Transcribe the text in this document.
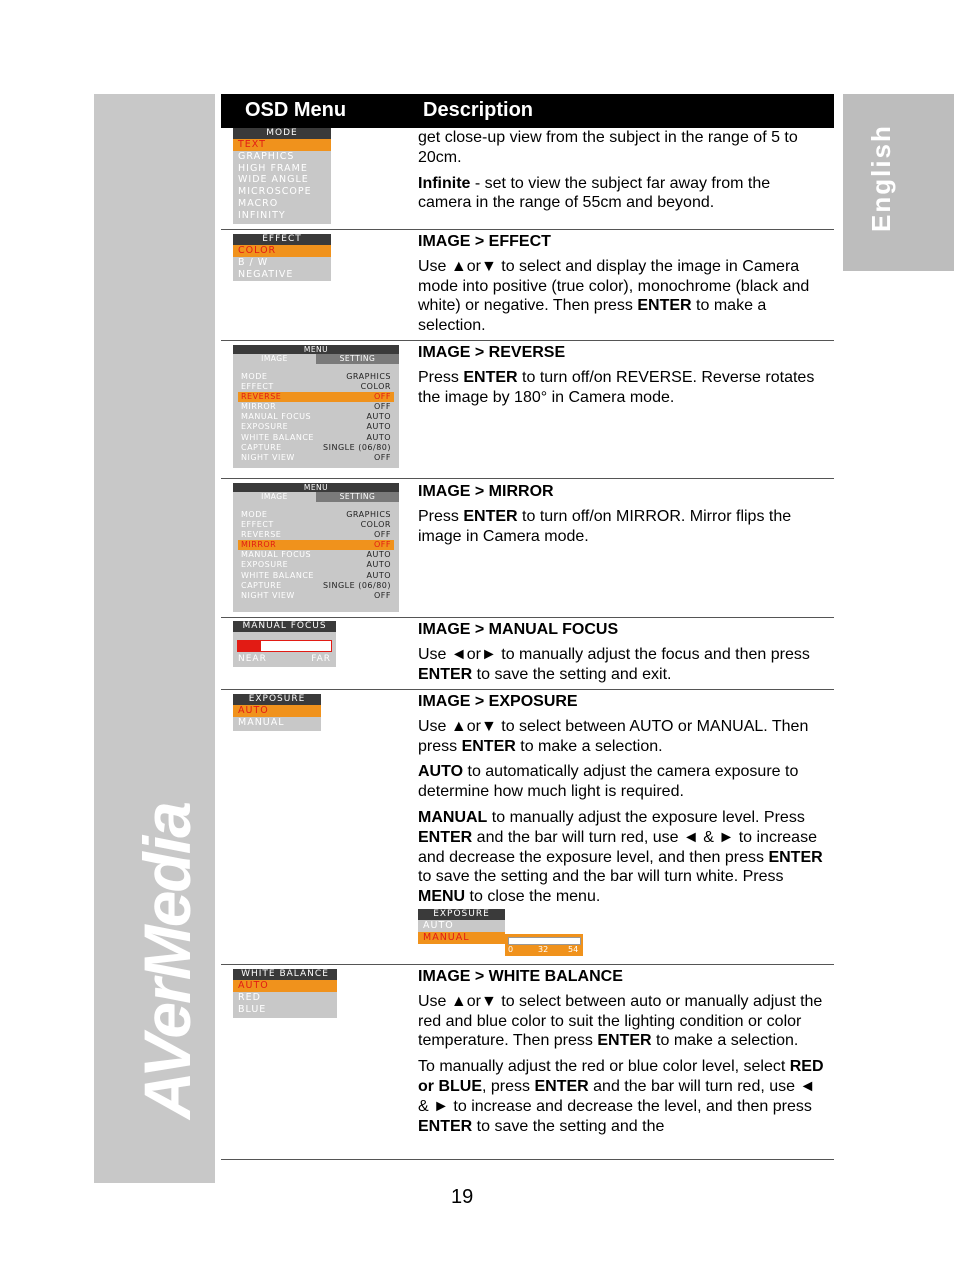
AVerMedia
English
OSD Menu	Description
MODE
TEXT
GRAPHICS
HIGH FRAME
WIDE ANGLE
MICROSCOPE
MACRO
INFINITY

get close-up view from the subject in the range of 5 to 20cm.

Infinite - set to view the subject far away from the camera in the range of 55cm and beyond.

EFFECT
COLOR
B / W
NEGATIVE
IMAGE > EFFECT

Use ▲or▼ to select and display the image in Camera mode into positive (true color), monochrome (black and white) or negative. Then press ENTER to make a selection.

MENU
IMAGE	SETTING
MODE	GRAPHICS
EFFECT	COLOR
REVERSE	OFF
MIRROR	OFF
MANUAL FOCUS	AUTO
EXPOSURE	AUTO
WHITE BALANCE	AUTO
CAPTURE	SINGLE (06/80)
NIGHT VIEW	OFF
IMAGE > REVERSE

Press ENTER to turn off/on REVERSE. Reverse rotates the image by 180° in Camera mode.

MENU
IMAGE	SETTING
MODE	GRAPHICS
EFFECT	COLOR
REVERSE	OFF
MIRROR	OFF
MANUAL FOCUS	AUTO
EXPOSURE	AUTO
WHITE BALANCE	AUTO
CAPTURE	SINGLE (06/80)
NIGHT VIEW	OFF
IMAGE > MIRROR

Press ENTER to turn off/on MIRROR. Mirror flips the image in Camera mode.

MANUAL FOCUS
NEAR	FAR
IMAGE > MANUAL FOCUS

Use ◄or► to manually adjust the focus and then press ENTER to save the setting and exit.

EXPOSURE
AUTO
MANUAL
IMAGE > EXPOSURE

Use ▲or▼ to select between AUTO or MANUAL. Then press ENTER to make a selection.

AUTO to automatically adjust the camera exposure to determine how much light is required.

MANUAL to manually adjust the exposure level. Press ENTER and the bar will turn red, use ◄ & ► to increase and decrease the exposure level, and then press ENTER to save the setting and the bar will turn white. Press MENU to close the menu.

EXPOSURE
AUTO
MANUAL
0	32 54
WHITE BALANCE
AUTO
RED
BLUE
IMAGE > WHITE BALANCE

Use ▲or▼ to select between auto or manually adjust the red and blue color to suit the lighting condition or color temperature. Then press ENTER to make a selection.

To manually adjust the red or blue color level, select RED or BLUE, press ENTER and the bar will turn red, use ◄ & ► to increase and decrease the level, and then press ENTER to save the setting and the

19
